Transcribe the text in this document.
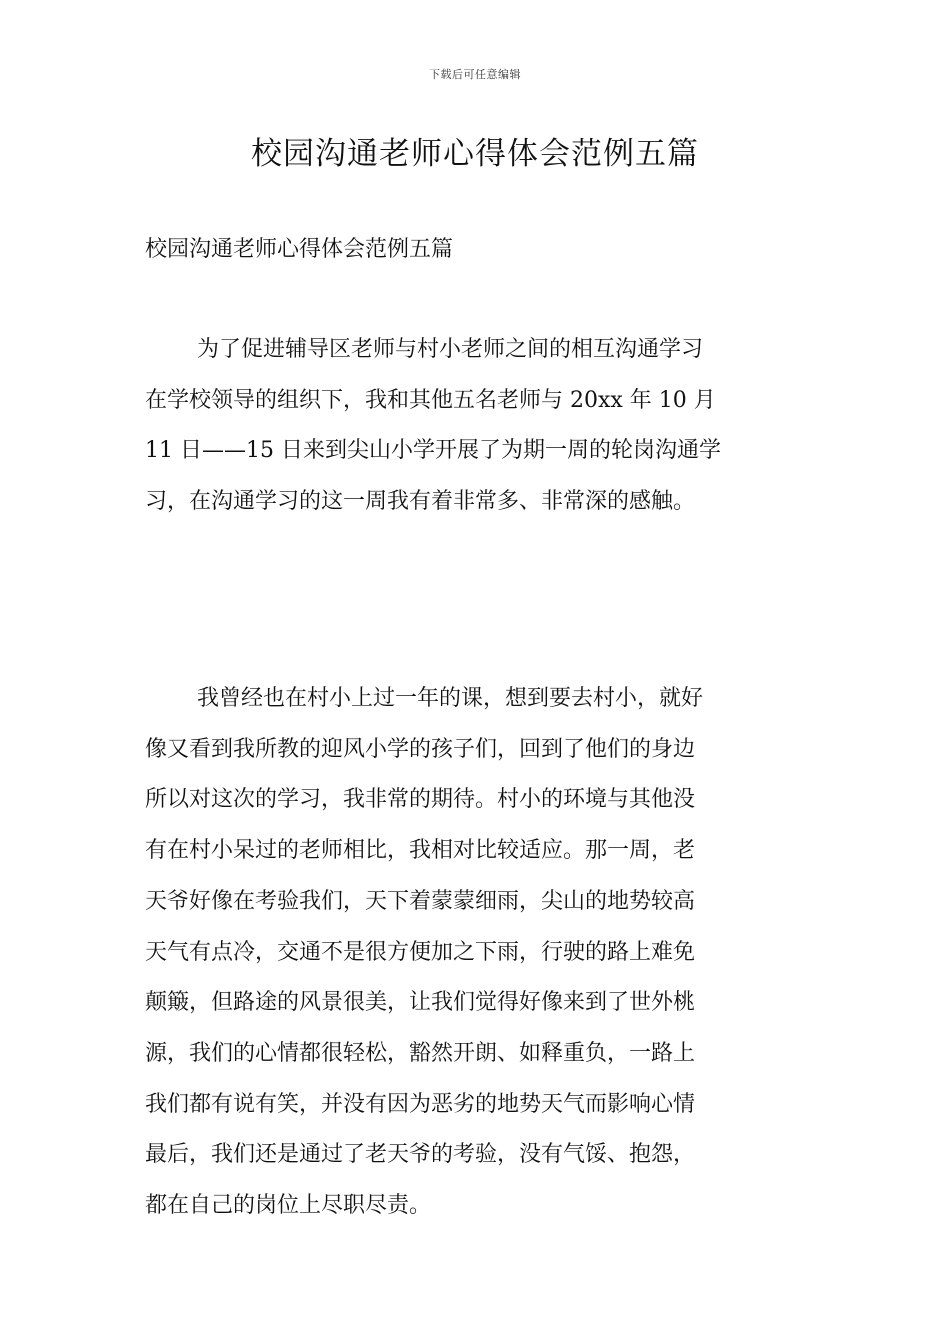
下载后可任意编辑
校园沟通老师心得体会范例五篇

校园沟通老师心得体会范例五篇

为了促进辅导区老师与村小老师之间的相互沟通学习
在学校领导的组织下，我和其他五名老师与 20xx 年 10 月
11 日——15 日来到尖山小学开展了为期一周的轮岗沟通学
习，在沟通学习的这一周我有着非常多、非常深的感触。
我曾经也在村小上过一年的课，想到要去村小，就好
像又看到我所教的迎风小学的孩子们，回到了他们的身边
所以对这次的学习，我非常的期待。村小的环境与其他没
有在村小呆过的老师相比，我相对比较适应。那一周，老
天爷好像在考验我们，天下着蒙蒙细雨，尖山的地势较高
天气有点冷，交通不是很方便加之下雨，行驶的路上难免
颠簸，但路途的风景很美，让我们觉得好像来到了世外桃
源，我们的心情都很轻松，豁然开朗、如释重负，一路上
我们都有说有笑，并没有因为恶劣的地势天气而影响心情
最后，我们还是通过了老天爷的考验，没有气馁、抱怨，
都在自己的岗位上尽职尽责。
